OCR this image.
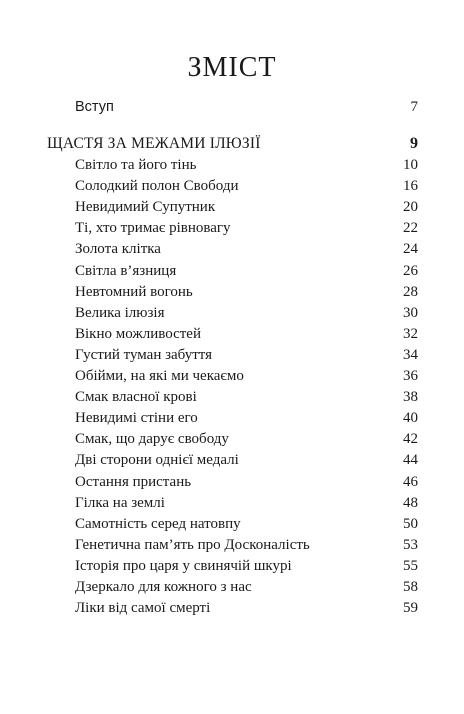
ЗМІСТ
Вступ	7
ЩАСТЯ ЗА МЕЖАМИ ІЛЮЗІЇ	9
Світло та його тінь	10
Солодкий полон Свободи	16
Невидимий Супутник	20
Ті, хто тримає рівновагу	22
Золота клітка	24
Світла в’язниця	26
Невтомний вогонь	28
Велика ілюзія	30
Вікно можливостей	32
Густий туман забуття	34
Обійми, на які ми чекаємо	36
Смак власної крові	38
Невидимі стіни его	40
Смак, що дарує свободу	42
Дві сторони однієї медалі	44
Остання пристань	46
Гілка на землі	48
Самотність серед натовпу	50
Генетична пам’ять про Досконалість	53
Історія про царя у свинячій шкурі	55
Дзеркало для кожного з нас	58
Ліки від самої смерті	59
